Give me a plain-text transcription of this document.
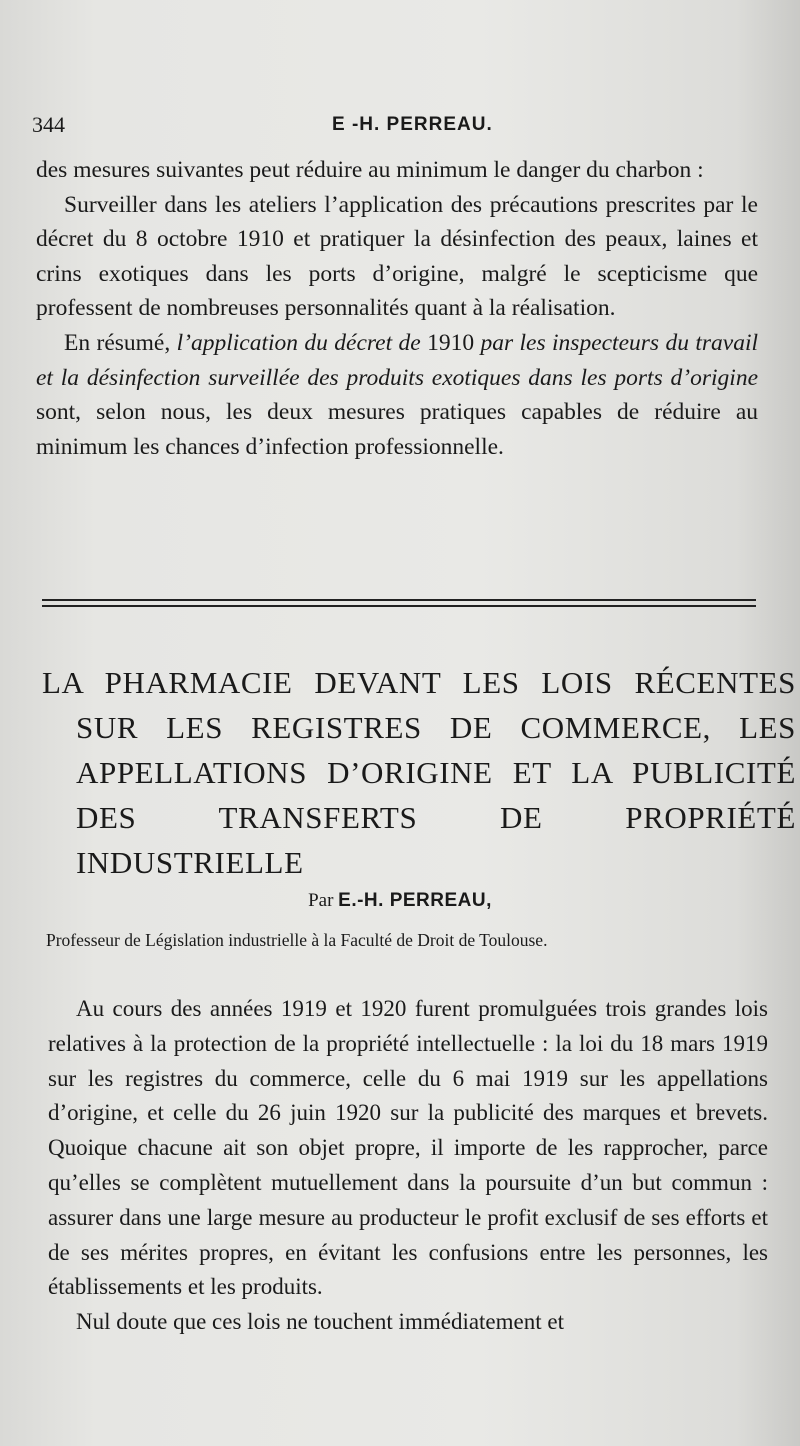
344	E -H. PERREAU.

des mesures suivantes peut réduire au minimum le danger du charbon :

Surveiller dans les ateliers l’application des précautions prescrites par le décret du 8 octobre 1910 et pratiquer la désinfection des peaux, laines et crins exotiques dans les ports d’origine, malgré le scepticisme que professent de nombreuses personnalités quant à la réalisation.

En résumé, l’application du décret de 1910 par les inspecteurs du travail et la désinfection surveillée des produits exotiques dans les ports d’origine sont, selon nous, les deux mesures pratiques capables de réduire au minimum les chances d’infection professionnelle.

LA PHARMACIE DEVANT LES LOIS RÉCENTES SUR LES REGISTRES DE COMMERCE, LES APPELLATIONS D’ORIGINE ET LA PUBLICITÉ DES TRANSFERTS DE PROPRIÉTÉ INDUSTRIELLE
Par E.-H. PERREAU,
Professeur de Législation industrielle à la Faculté de Droit de Toulouse.

Au cours des années 1919 et 1920 furent promulguées trois grandes lois relatives à la protection de la propriété intellectuelle : la loi du 18 mars 1919 sur les registres du commerce, celle du 6 mai 1919 sur les appellations d’origine, et celle du 26 juin 1920 sur la publicité des marques et brevets. Quoique chacune ait son objet propre, il importe de les rapprocher, parce qu’elles se complètent mutuellement dans la poursuite d’un but commun : assurer dans une large mesure au producteur le profit exclusif de ses efforts et de ses mérites propres, en évitant les confusions entre les personnes, les établissements et les produits.

Nul doute que ces lois ne touchent immédiatement et
